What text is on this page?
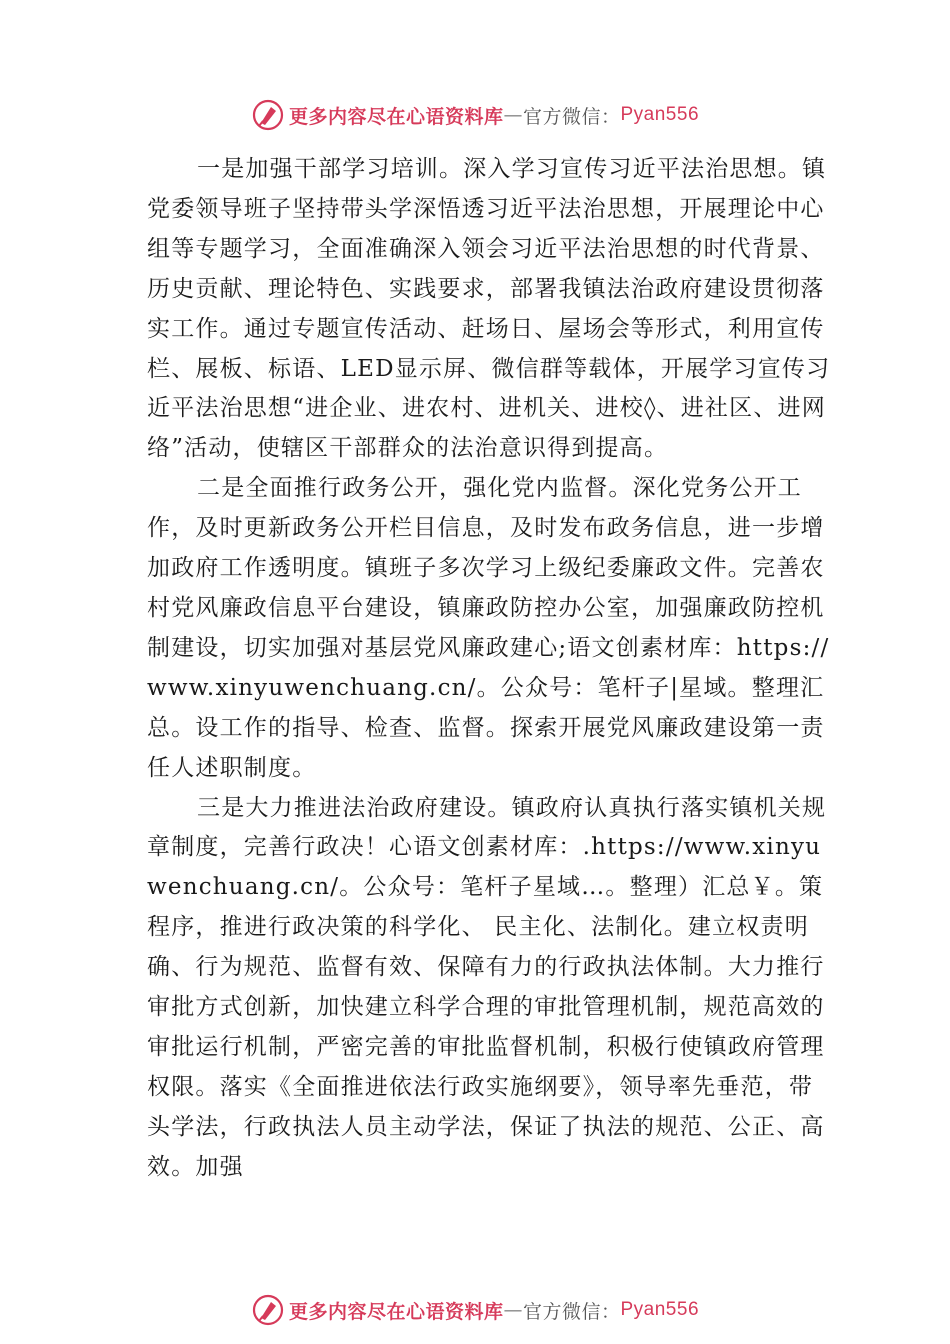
更多内容尽在心语资料库 — 官方微信： Pyan556

一是加强干部学习培训。深入学习宣传习近平法治思想。镇党委领导班子坚持带头学深悟透习近平法治思想，开展理论中心组等专题学习，全面准确深入领会习近平法治思想的时代背景、历史贡献、理论特色、实践要求，部署我镇法治政府建设贯彻落实工作。通过专题宣传活动、赶场日、屋场会等形式，利用宣传栏、展板、标语、LED显示屏、微信群等载体，开展学习宣传习近平法治思想“进企业、进农村、进机关、进校◊、进社区、进网络”活动，使辖区干部群众的法治意识得到提高。

二是全面推行政务公开，强化党内监督。深化党务公开工作，及时更新政务公开栏目信息，及时发布政务信息，进一步增加政府工作透明度。镇班子多次学习上级纪委廉政文件。完善农村党风廉政信息平台建设，镇廉政防控办公室，加强廉政防控机制建设，切实加强对基层党风廉政建心;语文创素材库：https://www.xinyuwenchuang.cn/。公众号：笔杆子|星域。整理汇总。设工作的指导、检查、监督。探索开展党风廉政建设第一责任人述职制度。

三是大力推进法治政府建设。镇政府认真执行落实镇机关规章制度，完善行政决！心语文创素材库：.https://www.xinyuwenchuang.cn/。公众号：笔杆子星域…。整理）汇总￥。策程序，推进行政决策的科学化、 民主化、法制化。建立权责明确、行为规范、监督有效、保障有力的行政执法体制。大力推行审批方式创新，加快建立科学合理的审批管理机制，规范高效的审批运行机制，严密完善的审批监督机制，积极行使镇政府管理权限。落实《全面推进依法行政实施纲要》，领导率先垂范，带头学法，行政执法人员主动学法，保证了执法的规范、公正、高效。加强

更多内容尽在心语资料库 — 官方微信： Pyan556
